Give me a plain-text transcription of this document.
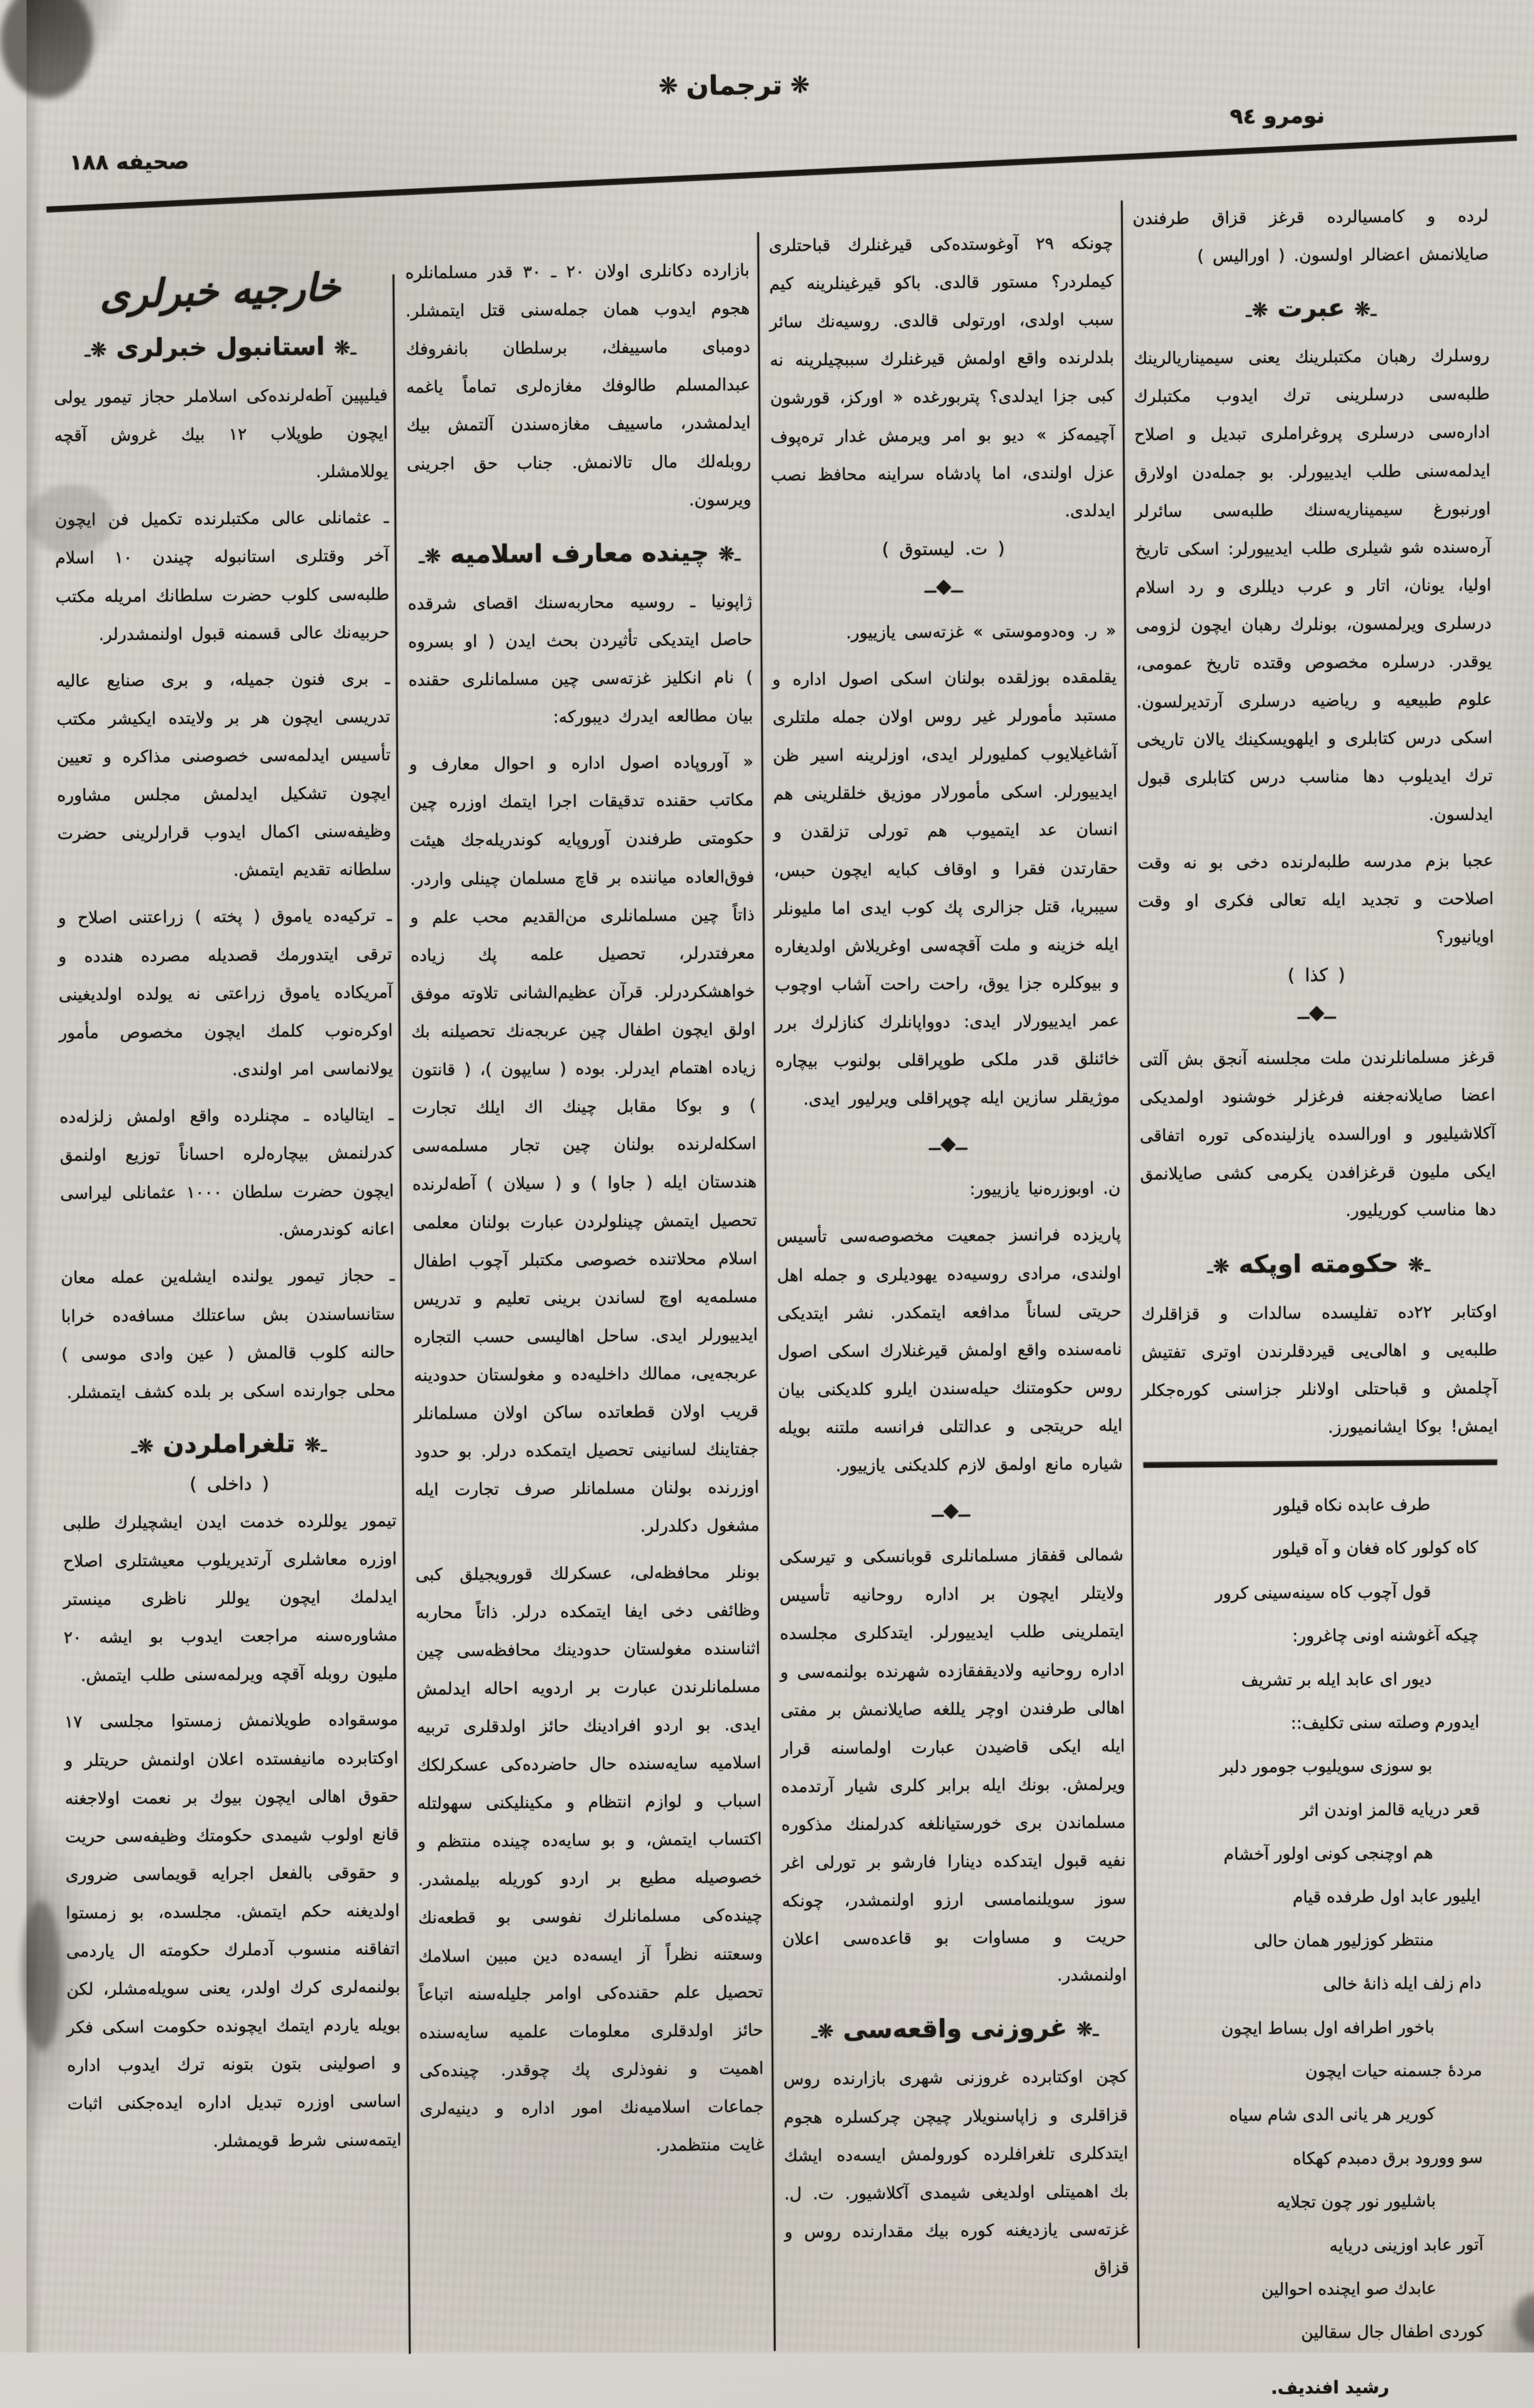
صحيفه ١٨٨
❋ترجمان❋
نومرو ٩٤
خارجيه خبرلری
ـ❋استانبول خبرلری❋ـ
فيليپين آطه‌لرنده‌كی اسلاملر حجاز تيمور يولی ايچون طوپلاب ١٢ بيك غروش آقچه يوللامشلر.
ـ عثمانلی عالی مكتبلرنده تكميل فن ايچون آخر وقتلری استانبوله چيندن ١٠ اسلام طلبه‌سی كلوب حضرت سلطانك امريله مكتب حربيه‌نك عالی قسمنه قبول اولنمشدرلر.
ـ بری فنون جميله، و بری صنايع عاليه تدريسی ايچون هر بر ولايتده ايكيشر مكتب تأسيس ايدلمه‌سی خصوصنی مذاكره و تعيين ايچون تشكيل ايدلمش مجلس مشاوره وظيفه‌سنی اكمال ايدوب قرارلرينی حضرت سلطانه تقديم ايتمش.
ـ تركيه‌ده ياموق ( پخته ) زراعتنی اصلاح و ترقی ايتدورمك قصديله مصرده هندده و آمريكاده ياموق زراعتی نه يولده اولديغينی اوكره‌نوب كلمك ايچون مخصوص مأمور يولانماسی امر اولندی.
ـ ايتالياده ـ مچنلرده واقع اولمش زلزله‌ده كدرلنمش بيچاره‌لره احساناً توزيع اولنمق ايچون حضرت سلطان ١٠٠٠ عثمانلی ليراسی اعانه كوندرمش.
ـ حجاز تيمور يولنده ايشله‌ين عمله معان ستانساسندن بش ساعتلك مسافه‌ده خرابا حالنه كلوب قالمش ( عين وادی موسی ) محلی جوارنده اسكی بر بلده كشف ايتمشلر.
ـ❋تلغراملردن❋ـ
( داخلی )
تيمور يوللرده خدمت ايدن ايشچيلرك طلبی اوزره معاشلری آرتديريلوب معيشتلری اصلاح ايدلمك ايچون يوللر ناظری مينستر مشاوره‌سنه مراجعت ايدوب بو ايشه ٢٠ مليون روبله آقچه ويرلمه‌سنی طلب ايتمش.
موسقواده طويلانمش زمستوا مجلسی ١٧ اوكتابرده مانيفستده اعلان اولنمش حريتلر و حقوق اهالی ايچون بيوك بر نعمت اولاجغنه قانع اولوب شيمدی حكومتك وظيفه‌سی حريت و حقوقی بالفعل اجرايه قويماسی ضروری اولديغنه حكم ايتمش. مجلسده، بو زمستوا اتفاقنه منسوب آدملرك حكومته ال ياردمی بولنمه‌لری كرك اولدر، يعنی سويله‌مشلر، لكن بويله ياردم ايتمك ايچونده حكومت اسكی فكر و اصولينی بتون بتونه ترك ايدوب اداره اساسی اوزره تبديل اداره ايده‌جكنی اثبات ايتمه‌سنی شرط قويمشلر.
بازارده دكانلری اولان ٢٠ ـ ٣٠ قدر مسلمانلره هجوم ايدوب همان جمله‌سنی قتل ايتمشلر. دومبای ماسييفك، برسلطان بانفروفك عبدالمسلم طالوفك مغازه‌لری تماماً ياغمه ايدلمشدر، ماسييف مغازه‌سندن آلتمش بيك روبله‌لك مال تالانمش. جناب حق اجرينی ويرسون.
ـ❋چينده معارف اسلاميه❋ـ
ژاپونيا ـ روسيه محاربه‌سنك اقصای شرقده حاصل ايتديكی تأثيردن بحث ايدن ( او بسروه ) نام انكليز غزته‌سی چين مسلمانلری حقنده بيان مطالعه ايدرك ديبوركه:
« آوروپاده اصول اداره و احوال معارف و مكاتب حقنده تدقيقات اجرا ايتمك اوزره چين حكومتی طرفندن آوروپايه كوندريله‌جك هيئت فوق‌العاده مياننده بر قاچ مسلمان چينلی واردر. ذاتاً چين مسلمانلری من‌القديم محب علم و معرفتدرلر، تحصيل علمه پك زياده خواهشكردرلر. قرآن عظيم‌الشانی تلاوته موفق اولق ايچون اطفال چين عربجه‌نك تحصيلنه بك زياده اهتمام ايدرلر. بوده ( سايپون )، ( قانتون ) و بوكا مقابل چينك اك ايلك تجارت اسكله‌لرنده بولنان چين تجار مسلمه‌سی هندستان ايله ( جاوا ) و ( سيلان ) آطه‌لرنده تحصيل ايتمش چينلولردن عبارت بولنان معلمی اسلام محلاتنده خصوصی مكتبلر آچوب اطفال مسلمه‌يه اوچ لساندن برينی تعليم و تدريس ايدييورلر ايدی. ساحل اهاليسی حسب التجاره عربجه‌يی، ممالك داخليه‌ده و مغولستان حدودينه قريب اولان قطعاتده ساكن اولان مسلمانلر جفتاينك لسانينی تحصيل ايتمكده درلر. بو حدود اوزرنده بولنان مسلمانلر صرف تجارت ايله مشغول دكلدرلر.
بونلر محافظه‌لی، عسكرلك قورويجيلق كبی وظائفی دخی ايفا ايتمكده درلر. ذاتاً محاربه اثناسنده مغولستان حدودينك محافظه‌سی چين مسلمانلرندن عبارت بر اردويه احاله ايدلمش ايدی. بو اردو افرادينك حائز اولدقلری تربيه اسلاميه سايه‌سنده حال حاضرده‌كی عسكرلكك اسباب و لوازم انتظام و مكينليكنی سهولتله اكتساب ايتمش، و بو سايه‌ده چينده منتظم و خصوصيله مطيع بر اردو كوريله بيلمشدر. چينده‌كی مسلمانلرك نفوسی بو قطعه‌نك وسعتنه نظراً آز ايسه‌ده دين مبين اسلامك تحصيل علم حقنده‌كی اوامر جليله‌سنه اتباعاً حائز اولدقلری معلومات علميه سايه‌سنده اهميت و نفوذلری پك چوقدر. چينده‌كی جماعات اسلاميه‌نك امور اداره و دينيه‌لری غايت منتظمدر.
چونكه ٢٩ آوغوستده‌كی قيرغنلرك قباحتلری كيملردر؟ مستور قالدی. باكو قيرغينلرينه كيم سبب اولدی، اورتولی قالدی. روسيه‌نك سائر بلدلرنده واقع اولمش قيرغنلرك سببچيلرينه نه كبی جزا ايدلدی؟ پتربورغده « اوركز، قورشون آچيمه‌كز » ديو بو امر ويرمش غدار تره‌پوف عزل اولندی، اما پادشاه سراينه محافظ نصب ايدلدی.
( ت. ليستوق )
ــ◆ــ
« ر. وه‌دوموستی » غزته‌سی يازييور.
يقلمقده بوزلقده بولنان اسكی اصول اداره و مستبد مأمورلر غير روس اولان جمله ملتلری آشاغيلايوب كمليورلر ايدی، اوزلرينه اسير ظن ايدييورلر. اسكی مأمورلار موزيق خلقلرينی هم انسان عد ايتميوب هم تورلی تزلقدن و حقارتدن فقرا و اوقاف كبايه ايچون حبس، سيبريا، قتل جزالری پك كوب ايدی اما مليونلر ايله خزينه و ملت آقچه‌سی اوغريلاش اولديغاره و بيوكلره جزا يوق، راحت راحت آشاب اوچوب عمر ايدييورلار ايدی: دوواپانلرك كنازلرك برر خائنلق قدر ملكی طوپراقلی بولنوب بيچاره موژيقلر سازين ايله چوپراقلی ويرليور ايدی.
ــ◆ــ
ن. اوبوزره‌نيا يازييور:
پاريزده فرانسز جمعيت مخصوصه‌سی تأسيس اولندی، مرادی روسيه‌ده يهوديلری و جمله اهل حريتی لساناً مدافعه ايتمكدر. نشر ايتديكی نامه‌سنده واقع اولمش قيرغنلارك اسكی اصول روس حكومتنك حيله‌سندن ايلرو كلديكنی بيان ايله حريتجی و عدالتلی فرانسه ملتنه بويله شياره مانع اولمق لازم كلديكنی يازييور.
ــ◆ــ
شمالی قفقاز مسلمانلری قوبانسكی و تيرسكی ولايتلر ايچون بر اداره روحانيه تأسيس ايتملرينی طلب ايدييورلر. ايتدكلری مجلسده اداره روحانيه ولاديقفقازده شهرنده بولنمه‌سی و اهالی طرفندن اوچر يللغه صايلانمش بر مفتی ايله ايكی قاضيدن عبارت اولماسنه قرار ويرلمش. بونك ايله برابر كلری شيار آرتدمده مسلماندن بری خورستيانلغه كدرلمنك مذكوره نفيه قبول ايتدكده دينارا فارشو بر تورلی اغر سوز سويلنمامسی ارزو اولنمشدر، چونكه حريت و مساوات بو قاعده‌سی اعلان اولنمشدر.
ـ❋غروزنی واقعه‌سی❋ـ
كچن اوكتابرده غروزنی شهری بازارنده روس قزاقلری و زاپاسنويلار چيچن چركسلره هجوم ايتدكلری تلغرافلرده كورولمش ايسه‌ده ايشك بك اهميتلی اولديغی شيمدی آكلاشيور. ت. ل. غزته‌سی يازديغنه كوره بيك مقدارنده روس و قزاق
لرده و كامسيالرده قرغز قزاق طرفندن صايلانمش اعضالر اولسون. ( اوراليس )
ـ❋عبرت❋ـ
روسلرك رهبان مكتبلرينك يعنی سيميناريالرينك طلبه‌سی درسلرينی ترك ايدوب مكتبلرك اداره‌سی درسلری پروغراملری تبديل و اصلاح ايدلمه‌سنی طلب ايدييورلر. بو جمله‌دن اولارق اورنبورغ سيميناريه‌سنك طلبه‌سی سائرلر آره‌سنده شو شيلری طلب ايدييورلر: اسكی تاريخ اوليا، يونان، اتار و عرب ديللری و رد اسلام درسلری ويرلمسون، بونلرك رهبان ايچون لزومی يوقدر. درسلره مخصوص وقتده تاريخ عمومی، علوم طبيعيه و رياضيه درسلری آرتديرلسون. اسكی درس كتابلری و ايلهويسكينك يالان تاريخی ترك ايديلوب دها مناسب درس كتابلری قبول ايدلسون.
عجبا بزم مدرسه طلبه‌لرنده دخی بو نه وقت اصلاحت و تجديد ايله تعالی فكری او وقت اويانيور؟
( كذا )
ــ◆ــ
قرغز مسلمانلرندن ملت مجلسنه آنجق بش آلتی اعضا صايلانه‌جغنه فرغزلر خوشنود اولمديكی آكلاشيليور و اورالسده يازلينده‌كی توره اتفاقی ايكی مليون قرغزافدن يكرمی كشی صايلانمق دها مناسب كوريليور.
ـ❋حكومته اوپكه❋ـ
اوكتابر ٢٢ده تفليسده سالدات و قزاقلرك طلبه‌يی و اهالی‌يی قيردقلرندن اوتری تفتيش آچلمش و قباحتلی اولانلر جزاسنی كوره‌جكلر ايمش! بوكا ايشانميورز.
طرف عابده نكاه قيلور
كاه كولور كاه فغان و آه قيلور
قول آچوب كاه سينه‌سينی كرور
چيكه آغوشنه اونی چاغرور:
ديور ای عابد ايله بر تشريف
ايدورم وصلته سنی تكليف::
بو سوزی سويليوب جومور دلبر
قعر دريايه قالمز اوندن اثر
هم اوچنجی كونی اولور آخشام
ايليور عابد اول طرفده قيام
منتظر كوزليور همان حالی
دام زلف ايله ذانۀ خالی
باخور اطرافه اول بساط ايچون
مردهٔ جسمنه حيات ايچون
كورير هر يانی الدی شام سياه
سو وورود برق دمبدم كهكاه
باشليور نور چون تجلايه
آتور عابد اوزينی دريايه
عابدك صو ايچنده احوالين
كوردی اطفال جال سقالين
رشيد افنديف.
